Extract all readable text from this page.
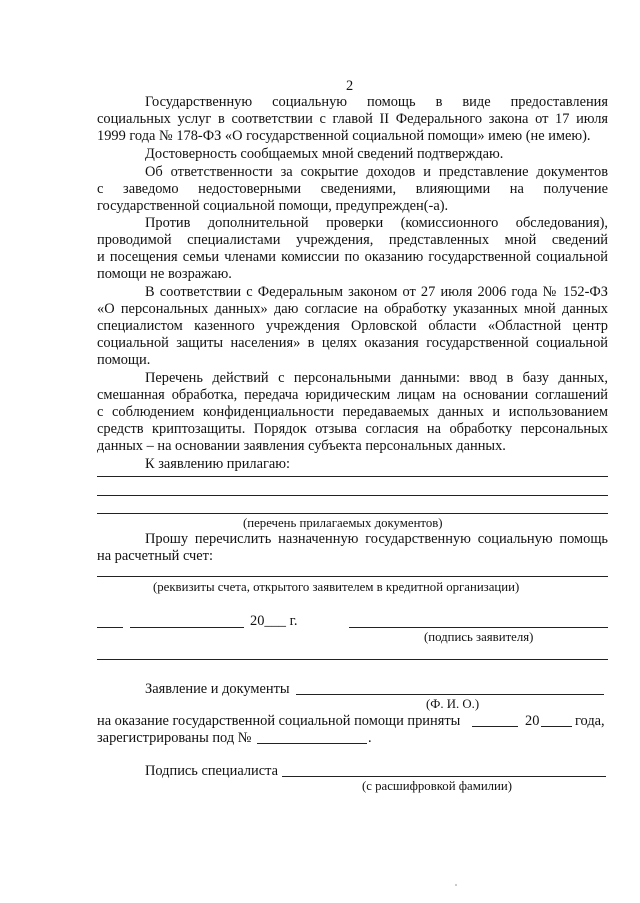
2
Государственную социальную помощь в виде предоставления
социальных услуг в соответствии с главой II Федерального закона от 17 июля
1999 года № 178-ФЗ «О государственной социальной помощи» имею (не имею).
Достоверность сообщаемых мной сведений подтверждаю.
Об ответственности за сокрытие доходов и представление документов
с заведомо недостоверными сведениями, влияющими на получение
государственной социальной помощи, предупрежден(-а).
Против дополнительной проверки (комиссионного обследования),
проводимой специалистами учреждения, представленных мной сведений
и посещения семьи членами комиссии по оказанию государственной социальной
помощи не возражаю.
В соответствии с Федеральным законом от 27 июля 2006 года № 152-ФЗ
«О персональных данных» даю согласие на обработку указанных мной данных
специалистом казенного учреждения Орловской области «Областной центр
социальной защиты населения» в целях оказания государственной социальной
помощи.
Перечень действий с персональными данными: ввод в базу данных,
смешанная обработка, передача юридическим лицам на основании соглашений
с соблюдением конфиденциальности передаваемых данных и использованием
средств криптозащиты. Порядок отзыва согласия на обработку персональных
данных – на основании заявления субъекта персональных данных.
К заявлению прилагаю:
(перечень прилагаемых документов)
Прошу перечислить назначенную государственную социальную помощь
на расчетный счет:
(реквизиты счета, открытого заявителем в кредитной организации)
20___ г.
(подпись заявителя)
Заявление и документы
(Ф. И. О.)
на оказание государственной социальной помощи приняты	20 года,
зарегистрированы под №	.
Подпись специалиста
(с расшифровкой фамилии)
